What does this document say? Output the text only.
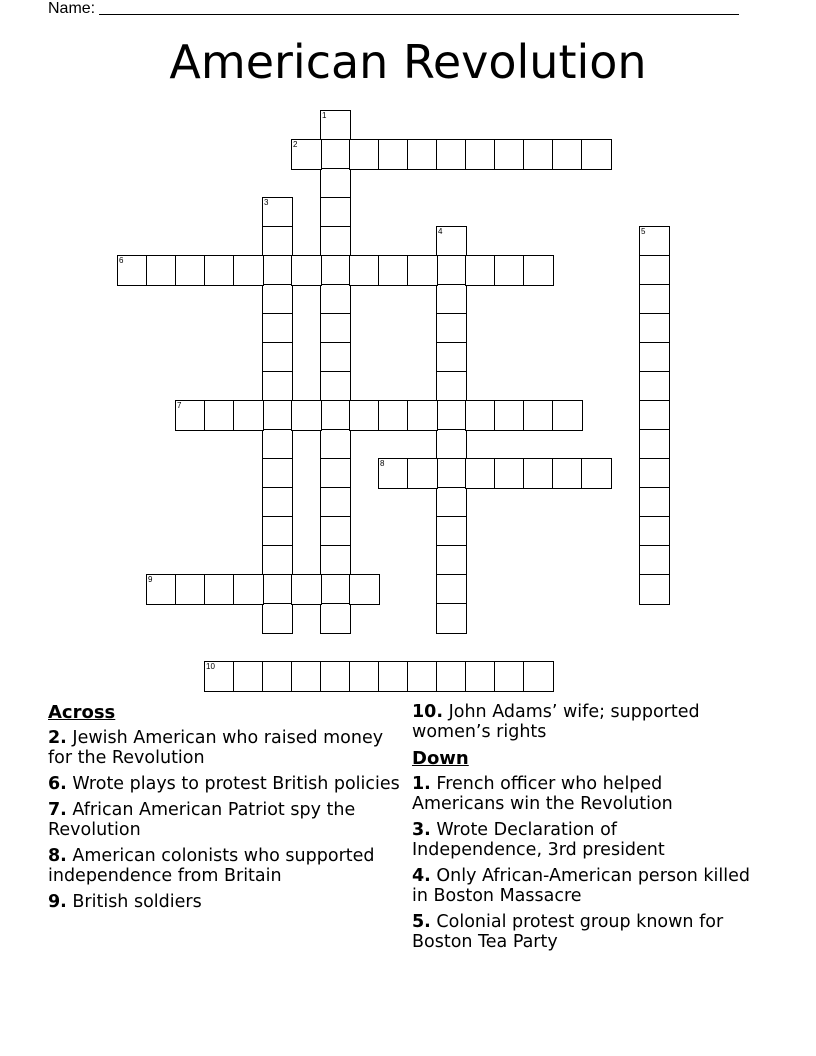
Name:
American Revolution
1
2
3
4	5
6
7
8
9
10
Across
2. Jewish American who raised money for the Revolution
6. Wrote plays to protest British policies
7. African American Patriot spy the Revolution
8. American colonists who supported independence from Britain
9. British soldiers
10. John Adams’ wife; supported women’s rights
Down
1. French officer who helped Americans win the Revolution
3. Wrote Declaration of Independence, 3rd president
4. Only African-American person killed in Boston Massacre
5. Colonial protest group known for Boston Tea Party
